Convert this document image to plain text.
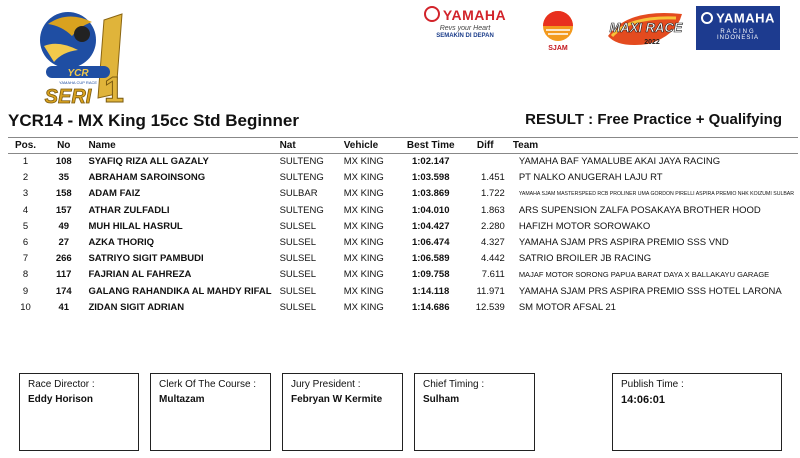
YCR
YAMAHA CUP RACE
SERI 1
YAMAHA
Revs your Heart
SEMAKIN DI DEPAN
SJAM
MAXI RACE
2022
YAMAHA
RACING
INDONESIA
YCR14 - MX King 15cc Std Beginner	RESULT : Free Practice + Qualifying
Pos.	No	Name	Nat	Vehicle	Best Time	Diff	Team
1	108	SYAFIQ RIZA ALL GAZALY	SULTENG	MX KING	1:02.147		YAMAHA BAF YAMALUBE AKAI JAYA RACING
2	35	ABRAHAM SAROINSONG	SULTENG	MX KING	1:03.598	1.451	PT NALKO ANUGERAH LAJU RT
3	158	ADAM FAIZ	SULBAR	MX KING	1:03.869	1.722	YAMAHA SJAM MASTERSPEED RCB PROLINER UMA GORDON PIRELLI ASPIRA PREMIO NHK KOIZUMI SULBAR
4	157	ATHAR ZULFADLI	SULTENG	MX KING	1:04.010	1.863	ARS SUPENSION ZALFA POSAKAYA BROTHER HOOD
5	49	MUH HILAL HASRUL	SULSEL	MX KING	1:04.427	2.280	HAFIZH MOTOR SOROWAKO
6	27	AZKA THORIQ	SULSEL	MX KING	1:06.474	4.327	YAMAHA SJAM PRS ASPIRA PREMIO SSS VND
7	266	SATRIYO SIGIT PAMBUDI	SULSEL	MX KING	1:06.589	4.442	SATRIO BROILER JB RACING
8	117	FAJRIAN AL FAHREZA	SULSEL	MX KING	1:09.758	7.611	MAJAF MOTOR SORONG PAPUA BARAT DAYA X BALLAKAYU GARAGE
9	174	GALANG RAHANDIKA AL MAHDY RIFAL	SULSEL	MX KING	1:14.118	11.971	YAMAHA SJAM PRS ASPIRA PREMIO SSS HOTEL LARONA
10	41	ZIDAN SIGIT ADRIAN	SULSEL	MX KING	1:14.686	12.539	SM MOTOR AFSAL 21
Race Director :
Eddy Horison
Clerk Of The Course :
Multazam
Jury President :
Febryan W Kermite
Chief Timing :
Sulham
Publish Time :
14:06:01
